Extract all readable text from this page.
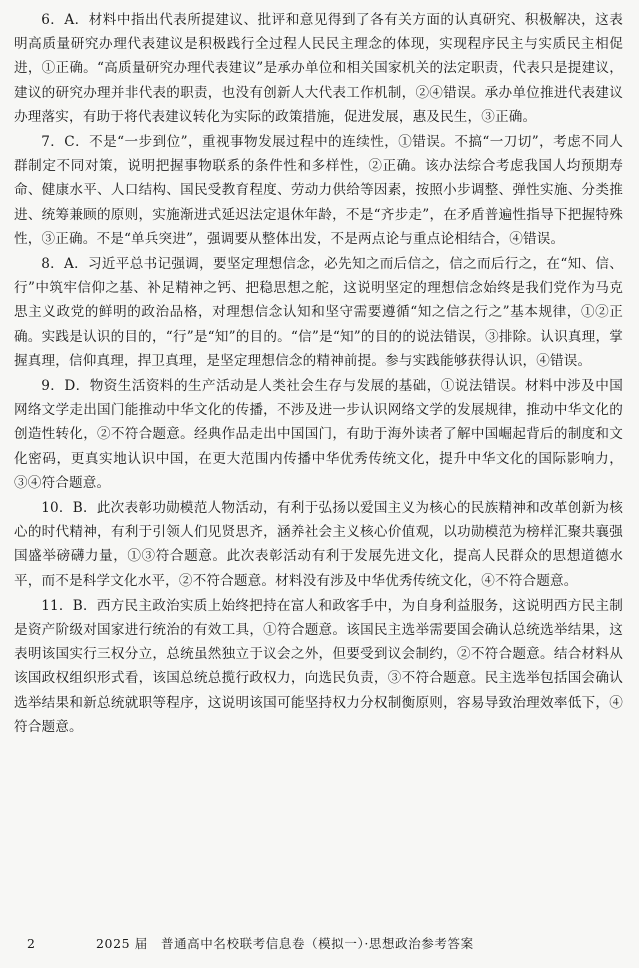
6．A．材料中指出代表所提建议、批评和意见得到了各有关方面的认真研究、积极解决，这表明高质量研究办理代表建议是积极践行全过程人民民主理念的体现，实现程序民主与实质民主相促进，①正确。“高质量研究办理代表建议”是承办单位和相关国家机关的法定职责，代表只是提建议，建议的研究办理并非代表的职责，也没有创新人大代表工作机制，②④错误。承办单位推进代表建议办理落实，有助于将代表建议转化为实际的政策措施，促进发展，惠及民生，③正确。

7．C．不是“一步到位”，重视事物发展过程中的连续性，①错误。不搞“一刀切”，考虑不同人群制定不同对策，说明把握事物联系的条件性和多样性，②正确。该办法综合考虑我国人均预期寿命、健康水平、人口结构、国民受教育程度、劳动力供给等因素，按照小步调整、弹性实施、分类推进、统筹兼顾的原则，实施渐进式延迟法定退休年龄，不是“齐步走”，在矛盾普遍性指导下把握特殊性，③正确。不是“单兵突进”，强调要从整体出发，不是两点论与重点论相结合，④错误。

8．A．习近平总书记强调，要坚定理想信念，必先知之而后信之，信之而后行之，在“知、信、行”中筑牢信仰之基、补足精神之钙、把稳思想之舵，这说明坚定的理想信念始终是我们党作为马克思主义政党的鲜明的政治品格，对理想信念认知和坚守需要遵循“知之信之行之”基本规律，①②正确。实践是认识的目的，“行”是“知”的目的。“信”是“知”的目的的说法错误，③排除。认识真理，掌握真理，信仰真理，捍卫真理，是坚定理想信念的精神前提。参与实践能够获得认识，④错误。

9．D．物资生活资料的生产活动是人类社会生存与发展的基础，①说法错误。材料中涉及中国网络文学走出国门能推动中华文化的传播，不涉及进一步认识网络文学的发展规律，推动中华文化的创造性转化，②不符合题意。经典作品走出中国国门，有助于海外读者了解中国崛起背后的制度和文化密码，更真实地认识中国，在更大范围内传播中华优秀传统文化，提升中华文化的国际影响力，③④符合题意。

10．B．此次表彰功勋模范人物活动，有利于弘扬以爱国主义为核心的民族精神和改革创新为核心的时代精神，有利于引领人们见贤思齐，涵养社会主义核心价值观，以功勋模范为榜样汇聚共襄强国盛举磅礴力量，①③符合题意。此次表彰活动有利于发展先进文化，提高人民群众的思想道德水平，而不是科学文化水平，②不符合题意。材料没有涉及中华优秀传统文化，④不符合题意。

11．B．西方民主政治实质上始终把持在富人和政客手中，为自身利益服务，这说明西方民主制是资产阶级对国家进行统治的有效工具，①符合题意。该国民主选举需要国会确认总统选举结果，这表明该国实行三权分立，总统虽然独立于议会之外，但要受到议会制约，②不符合题意。结合材料从该国政权组织形式看，该国总统总揽行政权力，向选民负责，③不符合题意。民主选举包括国会确认选举结果和新总统就职等程序，这说明该国可能坚持权力分权制衡原则，容易导致治理效率低下，④符合题意。

2	2025 届　普通高中名校联考信息卷（模拟一）·思想政治参考答案
